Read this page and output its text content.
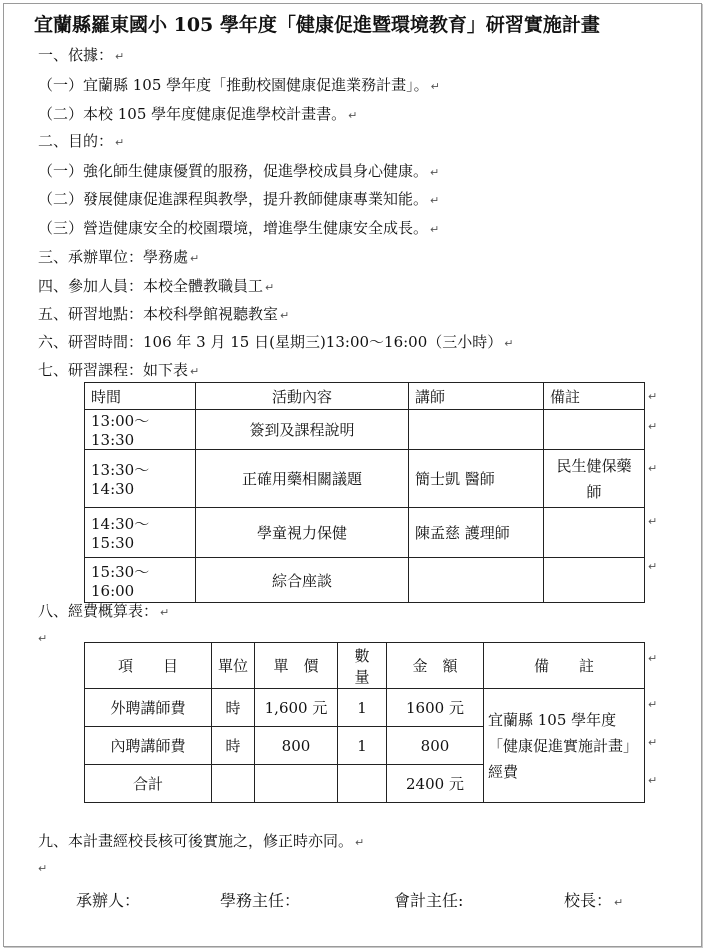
宜蘭縣羅東國小 105 學年度「健康促進暨環境教育」研習實施計畫
一、依據： ↵
（一）宜蘭縣 105 學年度「推動校園健康促進業務計畫」。 ↵
（二）本校 105 學年度健康促進學校計畫書。 ↵
二、目的： ↵
（一）強化師生健康優質的服務，促進學校成員身心健康。 ↵
（二）發展健康促進課程與教學，提升教師健康專業知能。 ↵
（三）營造健康安全的校園環境，增進學生健康安全成長。 ↵
三、承辦單位：學務處 ↵
四、參加人員：本校全體教職員工 ↵
五、研習地點：本校科學館視聽教室 ↵
六、研習時間：106 年 3 月 15 日(星期三)13:00～16:00（三小時） ↵
七、研習課程：如下表 ↵
時間	活動內容	講師	備註
13:00～13:30	簽到及課程說明		
13:30～14:30	正確用藥相關議題	簡士凱 醫師	民生健保藥師
14:30～15:30	學童視力保健	陳孟慈 護理師	
15:30～16:00	綜合座談		
↵
↵
↵
↵
↵
八、經費概算表： ↵
↵
項　　目	單位	單　價	數　量	金　額	備　　註
外聘講師費	時	1,600 元	1	1600 元	宜蘭縣 105 學年度「健康促進實施計畫」經費
內聘講師費	時	800	1	800	
合計				2400 元	
↵
↵
↵
↵
九、本計畫經校長核可後實施之，修正時亦同。 ↵
↵
承辦人：	學務主任：	會計主任:	校長： ↵
